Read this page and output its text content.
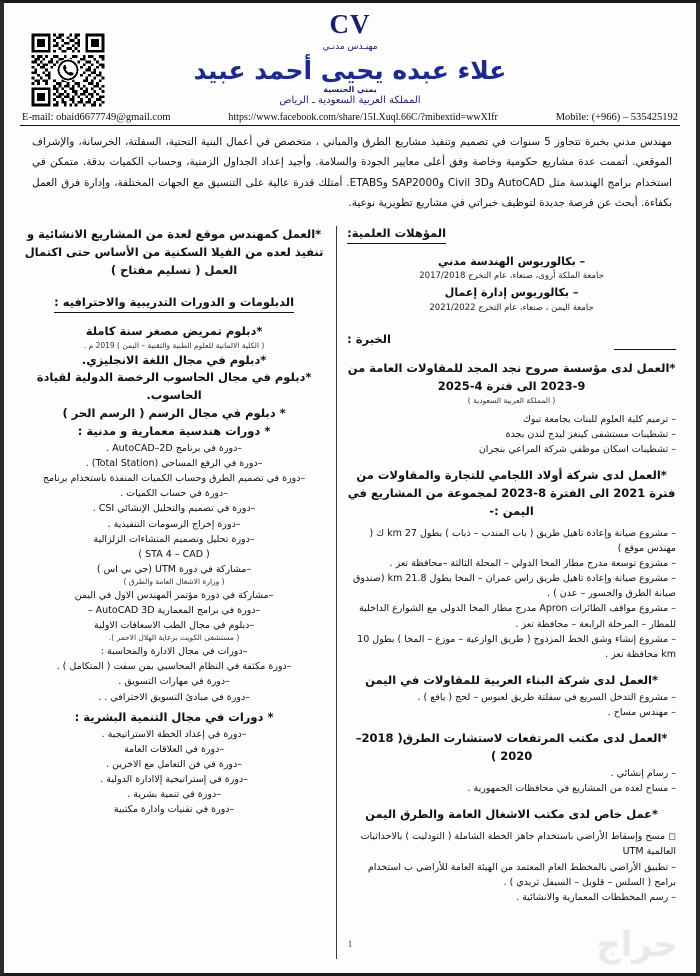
CV
مهنـدس مدنـي
علاء عبده يحيى أحمد عبيد
يمني الجنسية
المملكة العربية السعودية ـ الرياض
E-mail: obaid6677749@gmail.com	https://www.facebook.com/share/15I.Xuql.66C/?mibextid=wwXIfr	Mobile: (+966) – 535425192
مهندس مدني بخبرة تتجاوز 5 سنوات في تصميم وتنفيذ مشاريع الطرق والمباني ، متخصص في أعمال البنية التحتية، السفلتة، الخرسانة، والإشراف الموقعي. أتممت عدة مشاريع حكومية وخاصة وفق أعلى معايير الجودة والسلامة. وأجيد إعداد الجداول الزمنية، وحساب الكميات بدقة. متمكن في استخدام برامج الهندسة مثل AutoCAD وCivil 3D وSAP2000 وETABS. أمتلك قدرة عالية على التنسيق مع الجهات المختلفة، وإدارة فرق العمل بكفاءة. أبحث عن فرصة جديدة لتوظيف خبراتي في مشاريع تطويرية نوعية.
المؤهلات العلمية:
– بكالوريوس الهندسة مدني
جامعة الملكة أروى، صنعاء، عام التخرج 2017/2018
– بكالوريوس إدارة إعمال
جامعة اليمن ، صنعاء، عام التخرج 2021/2022
الخبرة :
*العمل لدى مؤسسة صروح نجد المجد للمقاولات العامة من 9-2023 الى فترة 4-2025
( المملكة العربية السعودية )
– ترميم كلية العلوم للبنات بجامعة تبوك
– تشطيبات مستشفى كينغز ليدج لندن بجدة
– تشطيبات اسكان موظفي شركة المراعي بنجران
*العمل لدى شركة أولاد اللجامي للتجارة والمقاولات من فترة 2021 الى الفترة 8-2023 لمجموعة من المشاريع في اليمن :-
– مشروع صيانة وإعادة تاهيل طريق ( باب المندب – ذباب ) بطول 27 km ك ( مهندس موقع )
– مشروع توسعة مدرج مطار المخا الدولي – المحلة الثالثة –محافظة تعز .
– مشروع صيانة وإعادة تاهيل طريق راس عمران – المخا بطول 21.8 km (صندوق صيانة الطرق والجسور – عدن ) .
– مشروع مواقف الطائرات Apron مدرج مطار المخا الدولي مع الشوارع الداخلية للمطار – المرحلة الرابعة – محافظة تعز .
– مشروع إنشاء وشق الخط المزدوج ( طريق الوازعية – موزع – المخا ) بطول 10 km محافظة تعز .
*العمل لدى شركة البناء العربية للمقاولات في اليمن
– مشروع التدخل السريع في سفلتة طريق لعبوس – لحج ( يافع ) .
– مهندس مساح .
*العمل لدى مكتب المرتفعات لاستشارت الطرق( 2018–2020 )
– رسام إنشائي .
– مساح لعده من المشاريع في محافظات الجمهورية .
*عمل خاص لدى مكتب الاشغال العامة والطرق اليمن
◻ مسح وإسقاط الأراضي باستخدام جاهز الخطة الشاملة ( التودليت ) بالاحداثيات العالمية UTM
– تطبيق الأراضي بالمخطط العام المعتمد من الهيئة العامة للأراضي ب استخدام برامج ( السلس – قلوبل – السيفل ثريدي ) .
– رسم المخططات المعمارية والانشائية .
*العمل كمهندس موقع لعدة من المشاريع الانشائية و تنفيذ لعده من الفيلا السكنية من الأساس حتى اكتمال العمل ( تسليم مفتاح )
الدبلومات و الدورات التدريبية والاحترافيه :
*دبلوم تمريض مصغر سنة كاملة
( الكلية الالمانية للعلوم الطبية والتقنية – اليمن ) 2019 م .
*دبلوم في مجال اللغة الانجليزي.
*دبلوم في مجال الحاسوب الرخصة الدولية لقيادة الحاسوب.
* دبلوم في مجال الرسم ( الرسم الحر )
* دورات هندسية معمارية و مدنية :
–دورة في برنامج AutoCAD–2D .
–دورة في الرفع المساحي (Total Station) .
–دورة في تصميم الطرق وحساب الكميات المنفذة باستخدام برنامج
–دورة في حساب الكميات .
–دورة في تصميم والتحليل الإنشائي CSI .
–دورة إخراج الرسومات التنفيذية .
–دورة تحليل وتصميم المنشاءات الزلزالية
( STA 4 – CAD )
–مشاركة في دورة UTM (جي بي اس )
( وزارة الاشغال العامة والطرق )
–مشاركة في دورة مؤتمر المهندس الاول في اليمن
–دورة في برامج المعمارية AutoCAD 3D –
–دبلوم في مجال الطب الاسعافات الاولية
( مستشفى الكويت برعاية الهلال الاحمر ).
–دورات في مجال الادارة والمحاسبة :
–دورة مكثفة في النظام المحاسبي بمن سفت ( المتكامل ) .
–دورة في مهارات التسويق .
–دورة في مبادئ التسويق الاحترافي . .
* دورات في مجال التنمية البشرية :
–دورة في إعداد الخطة الاستراتيجية .
–دورة في العلاقات العامة
–دورة في فن التعامل مع الاخرين .
–دورة في إستراتيجية إلاادارة الدولية .
–دورة في تنمية بشرية .
–دورة في تقنيات وادارة مكتبية
1	حراج
